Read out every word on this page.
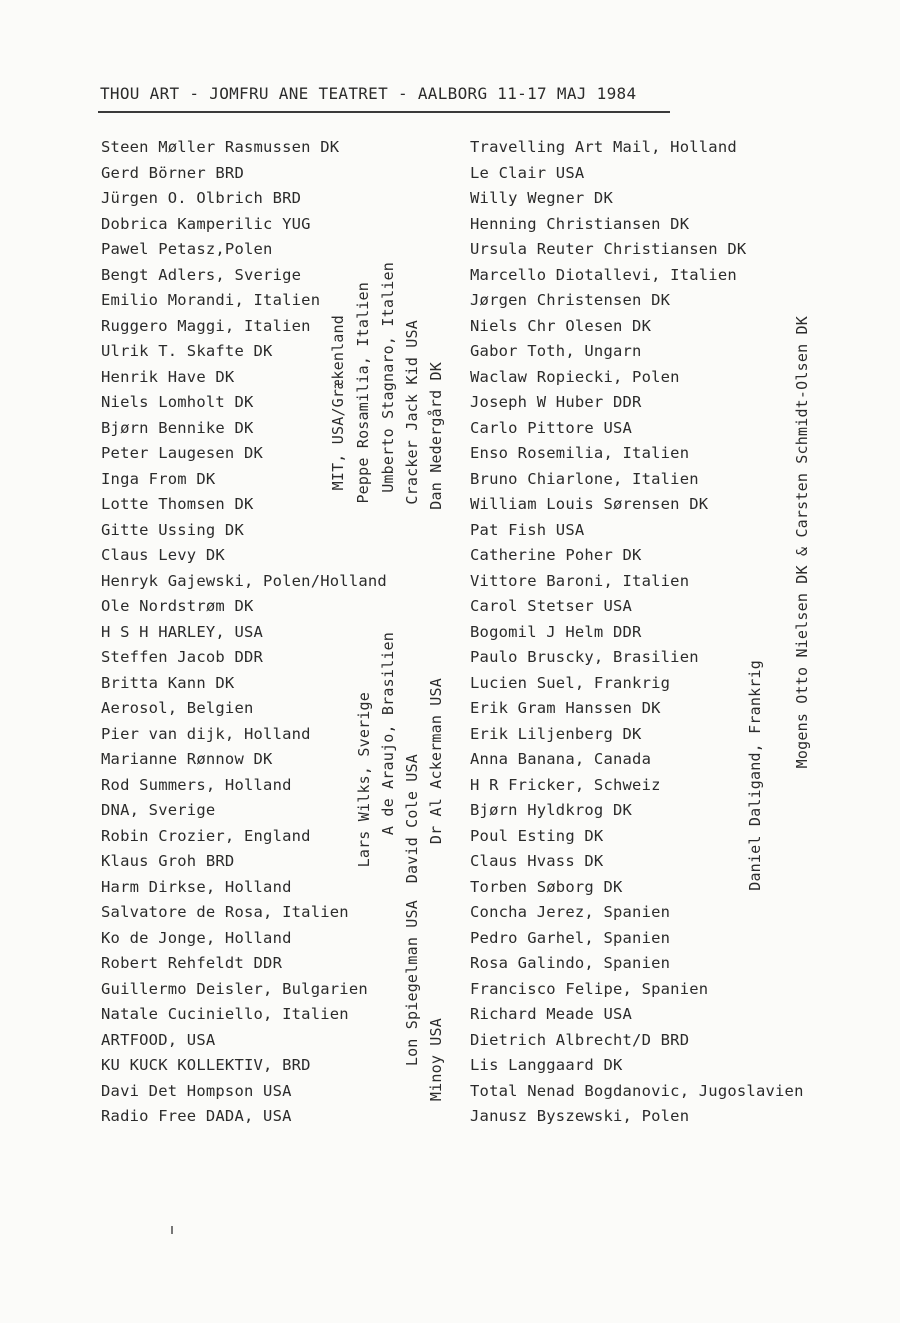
THOU ART - JOMFRU ANE TEATRET - AALBORG 11-17 MAJ 1984
Steen Møller Rasmussen DK
Gerd Börner BRD
Jürgen O. Olbrich BRD
Dobrica Kamperilic YUG
Pawel Petasz,Polen
Bengt Adlers, Sverige
Emilio Morandi, Italien
Ruggero Maggi, Italien
Ulrik T. Skafte DK
Henrik Have DK
Niels Lomholt DK
Bjørn Bennike DK
Peter Laugesen DK
Inga From DK
Lotte Thomsen DK
Gitte Ussing DK
Claus Levy DK
Henryk Gajewski, Polen/Holland
Ole Nordstrøm DK
H S H HARLEY, USA
Steffen Jacob DDR
Britta Kann DK
Aerosol, Belgien
Pier van dijk, Holland
Marianne Rønnow DK
Rod Summers, Holland
DNA, Sverige
Robin Crozier, England
Klaus Groh BRD
Harm Dirkse, Holland
Salvatore de Rosa, Italien
Ko de Jonge, Holland
Robert Rehfeldt DDR
Guillermo Deisler, Bulgarien
Natale Cuciniello, Italien
ARTFOOD, USA
KU KUCK KOLLEKTIV, BRD
Davi Det Hompson USA
Radio Free DADA, USA
Travelling Art Mail, Holland
Le Clair USA
Willy Wegner DK
Henning Christiansen DK
Ursula Reuter Christiansen DK
Marcello Diotallevi, Italien
Jørgen Christensen DK
Niels Chr Olesen DK
Gabor Toth, Ungarn
Waclaw Ropiecki, Polen
Joseph W Huber DDR
Carlo Pittore USA
Enso Rosemilia, Italien
Bruno Chiarlone, Italien
William Louis Sørensen DK
Pat Fish USA
Catherine Poher DK
Vittore Baroni, Italien
Carol Stetser USA
Bogomil J Helm DDR
Paulo Bruscky, Brasilien
Lucien Suel, Frankrig
Erik Gram Hanssen DK
Erik Liljenberg DK
Anna Banana, Canada
H R Fricker, Schweiz
Bjørn Hyldkrog DK
Poul Esting DK
Claus Hvass DK
Torben Søborg DK
Concha Jerez, Spanien
Pedro Garhel, Spanien
Rosa Galindo, Spanien
Francisco Felipe, Spanien
Richard Meade USA
Dietrich Albrecht/D BRD
Lis Langgaard DK
Total Nenad Bogdanovic, Jugoslavien
Janusz Byszewski, Polen
MIT, USA/Grækenland Peppe Rosamilia, Italien Umberto Stagnaro, Italien Cracker Jack Kid USA Dan Nedergård DK
Lars Wilks, Sverige A de Araujo, Brasilien David Cole USA Dr Al Ackerman USA
Lon Spiegelman USA Minoy USA
Daniel Daligand, Frankrig
Mogens Otto Nielsen DK & Carsten Schmidt-Olsen DK
